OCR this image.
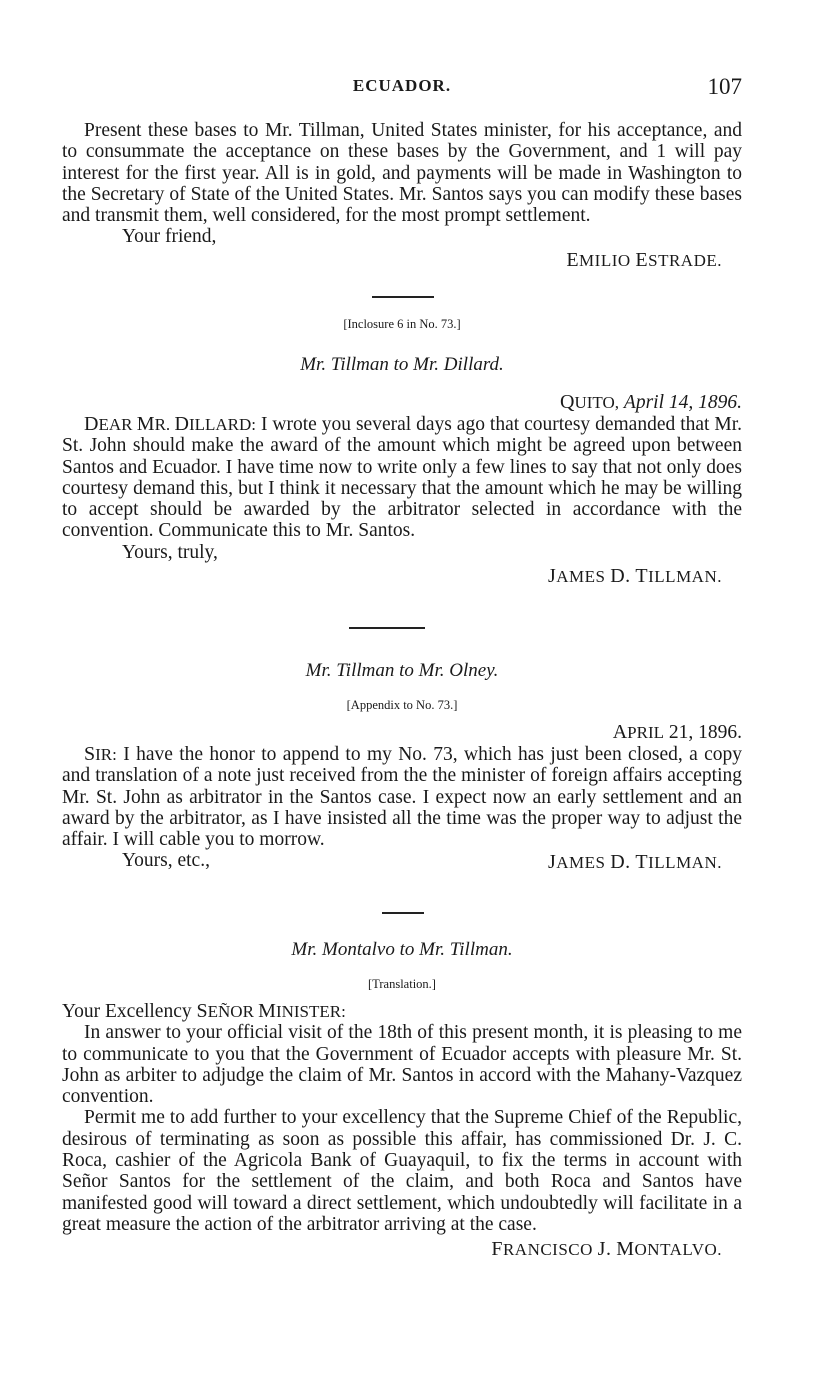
ECUADOR.	107

Present these bases to Mr. Tillman, United States minister, for his acceptance, and to consummate the acceptance on these bases by the Government, and 1 will pay interest for the first year. All is in gold, and payments will be made in Washington to the Secretary of State of the United States. Mr. Santos says you can modify these bases and transmit them, well considered, for the most prompt settlement.

Your friend,
EMILIO ESTRADE.
[Inclosure 6 in No. 73.]
Mr. Tillman to Mr. Dillard.
QUITO, April 14, 1896.

DEAR MR. DILLARD: I wrote you several days ago that courtesy demanded that Mr. St. John should make the award of the amount which might be agreed upon between Santos and Ecuador. I have time now to write only a few lines to say that not only does courtesy demand this, but I think it necessary that the amount which he may be willing to accept should be awarded by the arbitrator selected in accordance with the convention. Communicate this to Mr. Santos.

Yours, truly,
JAMES D. TILLMAN.
Mr. Tillman to Mr. Olney.
[Appendix to No. 73.]
APRIL 21, 1896.

SIR: I have the honor to append to my No. 73, which has just been closed, a copy and translation of a note just received from the the minister of foreign affairs accepting Mr. St. John as arbitrator in the Santos case. I expect now an early settlement and an award by the arbitrator, as I have insisted all the time was the proper way to adjust the affair. I will cable you to morrow.

Yours, etc.,	JAMES D. TILLMAN.
Mr. Montalvo to Mr. Tillman.
[Translation.]

Your Excellency SEÑOR MINISTER:

In answer to your official visit of the 18th of this present month, it is pleasing to me to communicate to you that the Government of Ecuador accepts with pleasure Mr. St. John as arbiter to adjudge the claim of Mr. Santos in accord with the Mahany-Vazquez convention.

Permit me to add further to your excellency that the Supreme Chief of the Republic, desirous of terminating as soon as possible this affair, has commissioned Dr. J. C. Roca, cashier of the Agricola Bank of Guayaquil, to fix the terms in account with Señor Santos for the settlement of the claim, and both Roca and Santos have manifested good will toward a direct settlement, which undoubtedly will facilitate in a great measure the action of the arbitrator arriving at the case.

FRANCISCO J. MONTALVO.
